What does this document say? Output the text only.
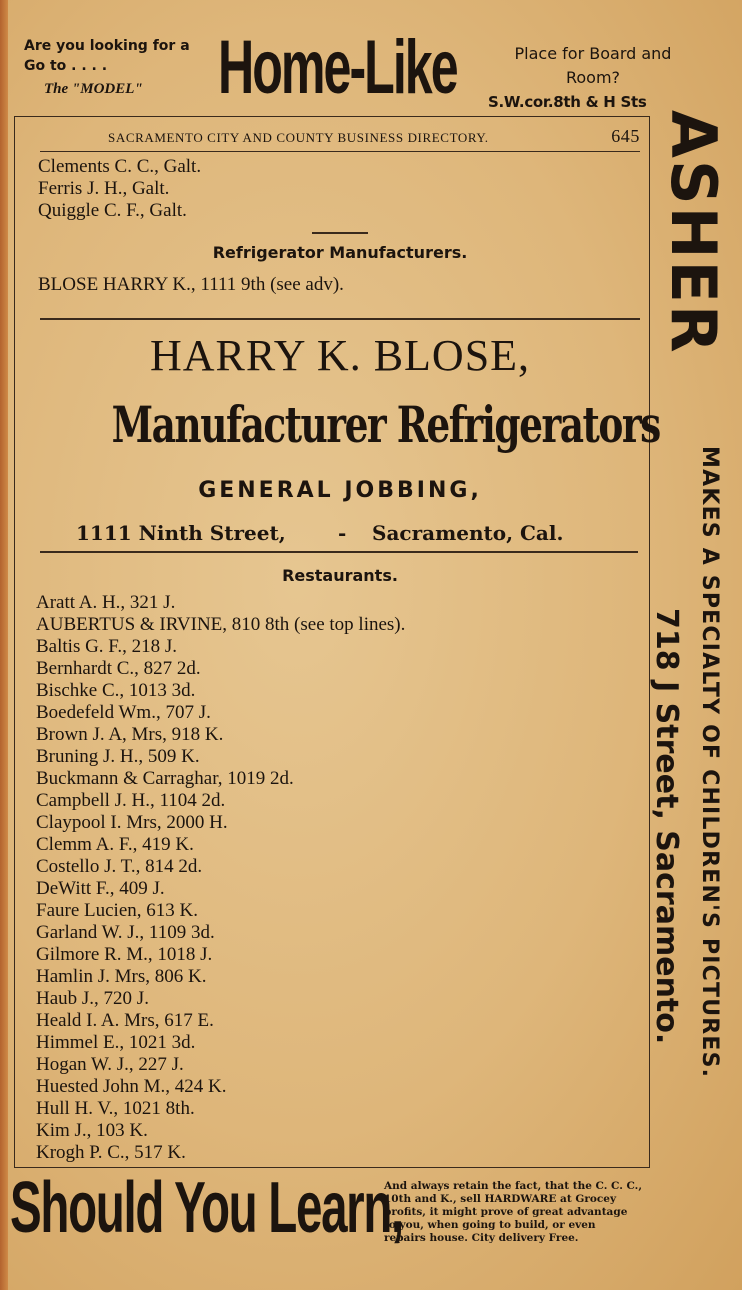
Are you looking for a
Go to . . . .
The "MODEL" Home-Like	Place for Board and
Room?
S.W.cor.8th & H Sts
SACRAMENTO CITY AND COUNTY BUSINESS DIRECTORY.	645
Clements C. C., Galt.
Ferris J. H., Galt.
Quiggle C. F., Galt.
Refrigerator Manufacturers.
BLOSE HARRY K., 1111 9th (see adv).
HARRY K. BLOSE,
Manufacturer Refrigerators
GENERAL JOBBING,
1111 Ninth Street,	- Sacramento, Cal.
Restaurants.
Aratt A. H., 321 J.
AUBERTUS & IRVINE, 810 8th (see top lines).
Baltis G. F., 218 J.
Bernhardt C., 827 2d.
Bischke C., 1013 3d.
Boedefeld Wm., 707 J.
Brown J. A, Mrs, 918 K.
Bruning J. H., 509 K.
Buckmann & Carraghar, 1019 2d.
Campbell J. H., 1104 2d.
Claypool I. Mrs, 2000 H.
Clemm A. F., 419 K.
Costello J. T., 814 2d.
DeWitt F., 409 J.
Faure Lucien, 613 K.
Garland W. J., 1109 3d.
Gilmore R. M., 1018 J.
Hamlin J. Mrs, 806 K.
Haub J., 720 J.
Heald I. A. Mrs, 617 E.
Himmel E., 1021 3d.
Hogan W. J., 227 J.
Huested John M., 424 K.
Hull H. V., 1021 8th.
Kim J., 103 K.
Krogh P. C., 517 K.
ASHER
MAKES A SPECIALTY OF CHILDREN'S PICTURES.
718 J Street, Sacramento.
Should You Learn,
And always retain the fact, that the C. C. C.,
10th and K., sell HARDWARE at Grocey
profits, it might prove of great advantage
to you, when going to build, or even
repairs house. City delivery Free.
